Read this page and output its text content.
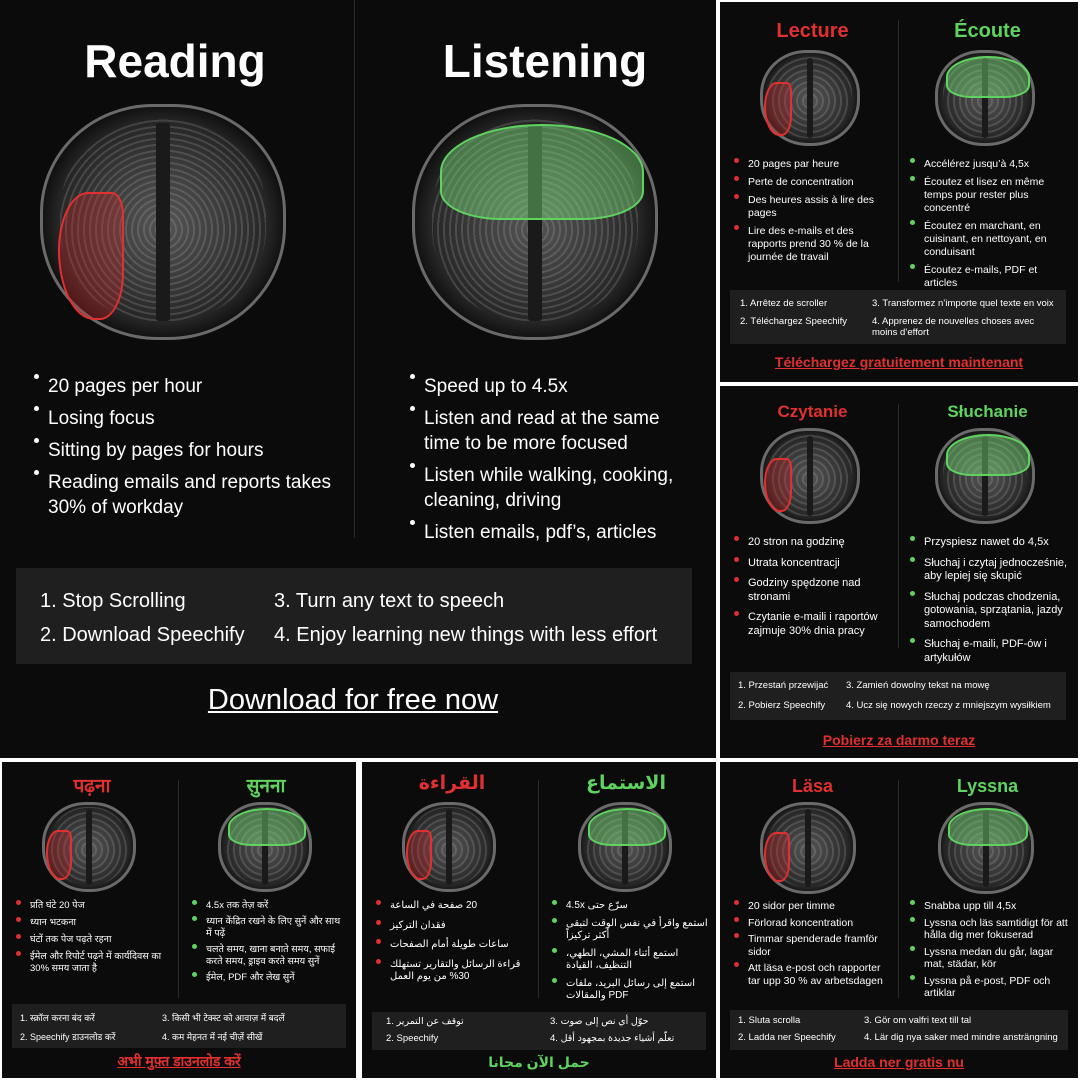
Reading	Listening
20 pages per hour
Losing focus
Sitting by pages for hours
Reading emails and reports takes 30% of workday
Speed up to 4.5x
Listen and read at the same time to be more focused
Listen while walking, cooking, cleaning, driving
Listen emails, pdf’s, articles
1. Stop Scrolling
2. Download Speechify
3. Turn any text to speech
4. Enjoy learning new things with less effort
Download for free now
Lecture	Écoute
20 pages par heure
Perte de concentration
Des heures assis à lire des pages
Lire des e-mails et des rapports prend 30 % de la journée de travail
Accélérez jusqu’à 4,5x
Écoutez et lisez en même temps pour rester plus concentré
Écoutez en marchant, en cuisinant, en nettoyant, en conduisant
Écoutez e-mails, PDF et articles
1. Arrêtez de scroller
2. Téléchargez Speechify
3. Transformez n’importe quel texte en voix
4. Apprenez de nouvelles choses avec moins d’effort
Téléchargez gratuitement maintenant
Czytanie	Słuchanie
20 stron na godzinę
Utrata koncentracji
Godziny spędzone nad stronami
Czytanie e-maili i raportów zajmuje 30% dnia pracy
Przyspiesz nawet do 4,5x
Słuchaj i czytaj jednocześnie, aby lepiej się skupić
Słuchaj podczas chodzenia, gotowania, sprzątania, jazdy samochodem
Słuchaj e-maili, PDF-ów i artykułów
1. Przestań przewijać
2. Pobierz Speechify
3. Zamień dowolny tekst na mowę
4. Ucz się nowych rzeczy z mniejszym wysiłkiem
Pobierz za darmo teraz
पढ़ना	सुनना
प्रति घंटे 20 पेज
ध्यान भटकना
घंटों तक पेज पढ़ते रहना
ईमेल और रिपोर्ट पढ़ने में कार्यदिवस का 30% समय जाता है
4.5x तक तेज़ करें
ध्यान केंद्रित रखने के लिए सुनें और साथ में पढ़ें
चलते समय, खाना बनाते समय, सफाई करते समय, ड्राइव करते समय सुनें
ईमेल, PDF और लेख सुनें
1. स्क्रॉल करना बंद करें
2. Speechify डाउनलोड करें
3. किसी भी टेक्स्ट को आवाज़ में बदलें
4. कम मेहनत में नई चीज़ें सीखें
अभी मुफ़्त डाउनलोड करें
القراءة	الاستماع
20 صفحة في الساعة
فقدان التركيز
ساعات طويلة أمام الصفحات
قراءة الرسائل والتقارير تستهلك 30% من يوم العمل
سرّع حتى 4.5x
استمع واقرأ في نفس الوقت لتبقى أكثر تركيزاً
استمع أثناء المشي، الطهي، التنظيف، القيادة
استمع إلى رسائل البريد، ملفات PDF والمقالات
1. توقف عن التمرير
2. Speechify
3. حوّل أي نص إلى صوت
4. تعلّم أشياء جديدة بمجهود أقل
حمل الآن مجانا
Läsa	Lyssna
20 sidor per timme
Förlorad koncentration
Timmar spenderade framför sidor
Att läsa e-post och rapporter tar upp 30 % av arbetsdagen
Snabba upp till 4,5x
Lyssna och läs samtidigt för att hålla dig mer fokuserad
Lyssna medan du går, lagar mat, städar, kör
Lyssna på e-post, PDF och artiklar
1. Sluta scrolla
2. Ladda ner Speechify
3. Gör om valfri text till tal
4. Lär dig nya saker med mindre ansträngning
Ladda ner gratis nu
